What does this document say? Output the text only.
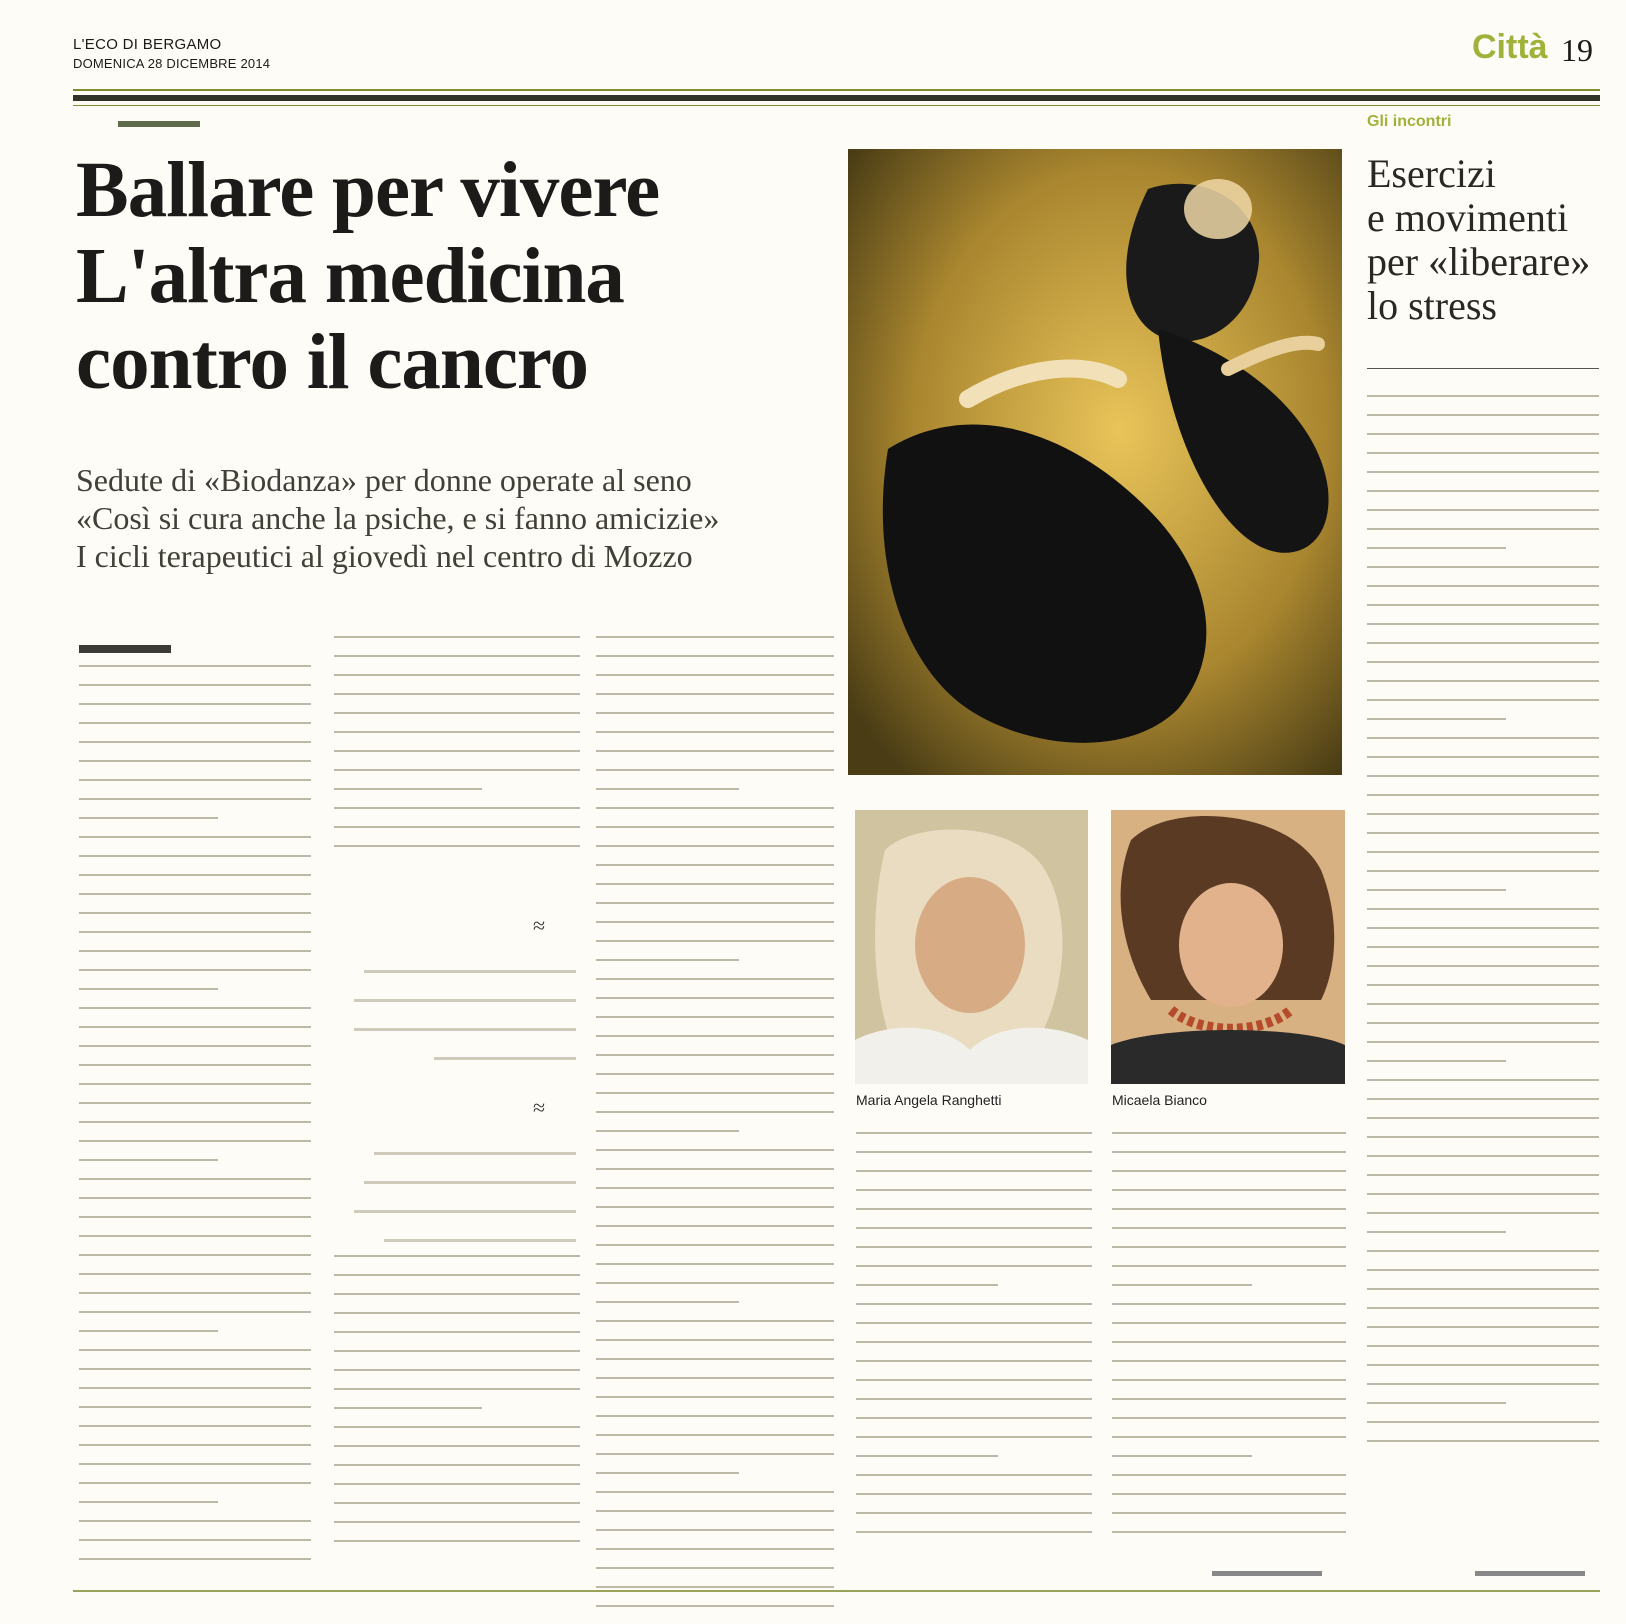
L'ECO DI BERGAMO
DOMENICA 28 DICEMBRE 2014	Città 19
Ballare per vivere
L'altra medicina
contro il cancro
Sedute di «Biodanza» per donne operate al seno
«Così si cura anche la psiche, e si fanno amicizie»
I cicli terapeutici al giovedì nel centro di Mozzo
Gli incontri
Esercizi
e movimenti
per «liberare»
lo stress
Maria Angela Ranghetti	Micaela Bianco
≈
≈
